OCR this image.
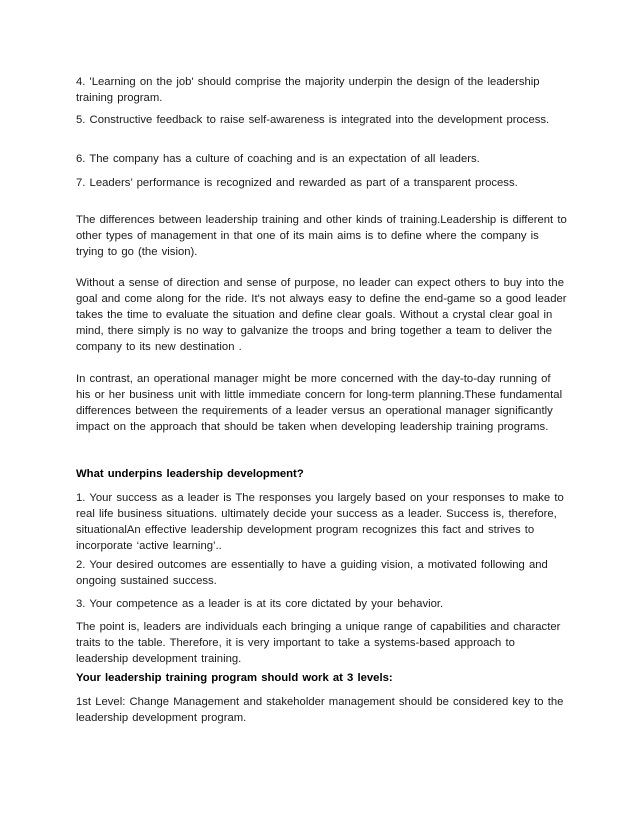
4. 'Learning on the job' should comprise the majority underpin the design of the leadership training program.

5. Constructive feedback to raise self-awareness is integrated into the development process.

6. The company has a culture of coaching and is an expectation of all leaders.

7. Leaders’ performance is recognized and rewarded as part of a transparent process.

The differences between leadership training and other kinds of training.Leadership is different to other types of management in that one of its main aims is to define where the company is trying to go (the vision).

Without a sense of direction and sense of purpose, no leader can expect others to buy into the goal and come along for the ride. It's not always easy to define the end-game so a good leader takes the time to evaluate the situation and define clear goals. Without a crystal clear goal in mind, there simply is no way to galvanize the troops and bring together a team to deliver the company to its new destination .

In contrast, an operational manager might be more concerned with the day-to-day running of his or her business unit with little immediate concern for long-term planning.These fundamental differences between the requirements of a leader versus an operational manager significantly impact on the approach that should be taken when developing leadership training programs.

What underpins leadership development?

1. Your success as a leader is The responses you largely based on your responses to make to real life business situations. ultimately decide your success as a leader. Success is, therefore, situationalAn effective leadership development program recognizes this fact and strives to incorporate ‘active learning’..

2. Your desired outcomes are essentially to have a guiding vision, a motivated following and ongoing sustained success.

3. Your competence as a leader is at its core dictated by your behavior.

The point is, leaders are individuals each bringing a unique range of capabilities and character traits to the table. Therefore, it is very important to take a systems-based approach to leadership development training.

Your leadership training program should work at 3 levels:

1st Level: Change Management and stakeholder management should be considered key to the leadership development program.
